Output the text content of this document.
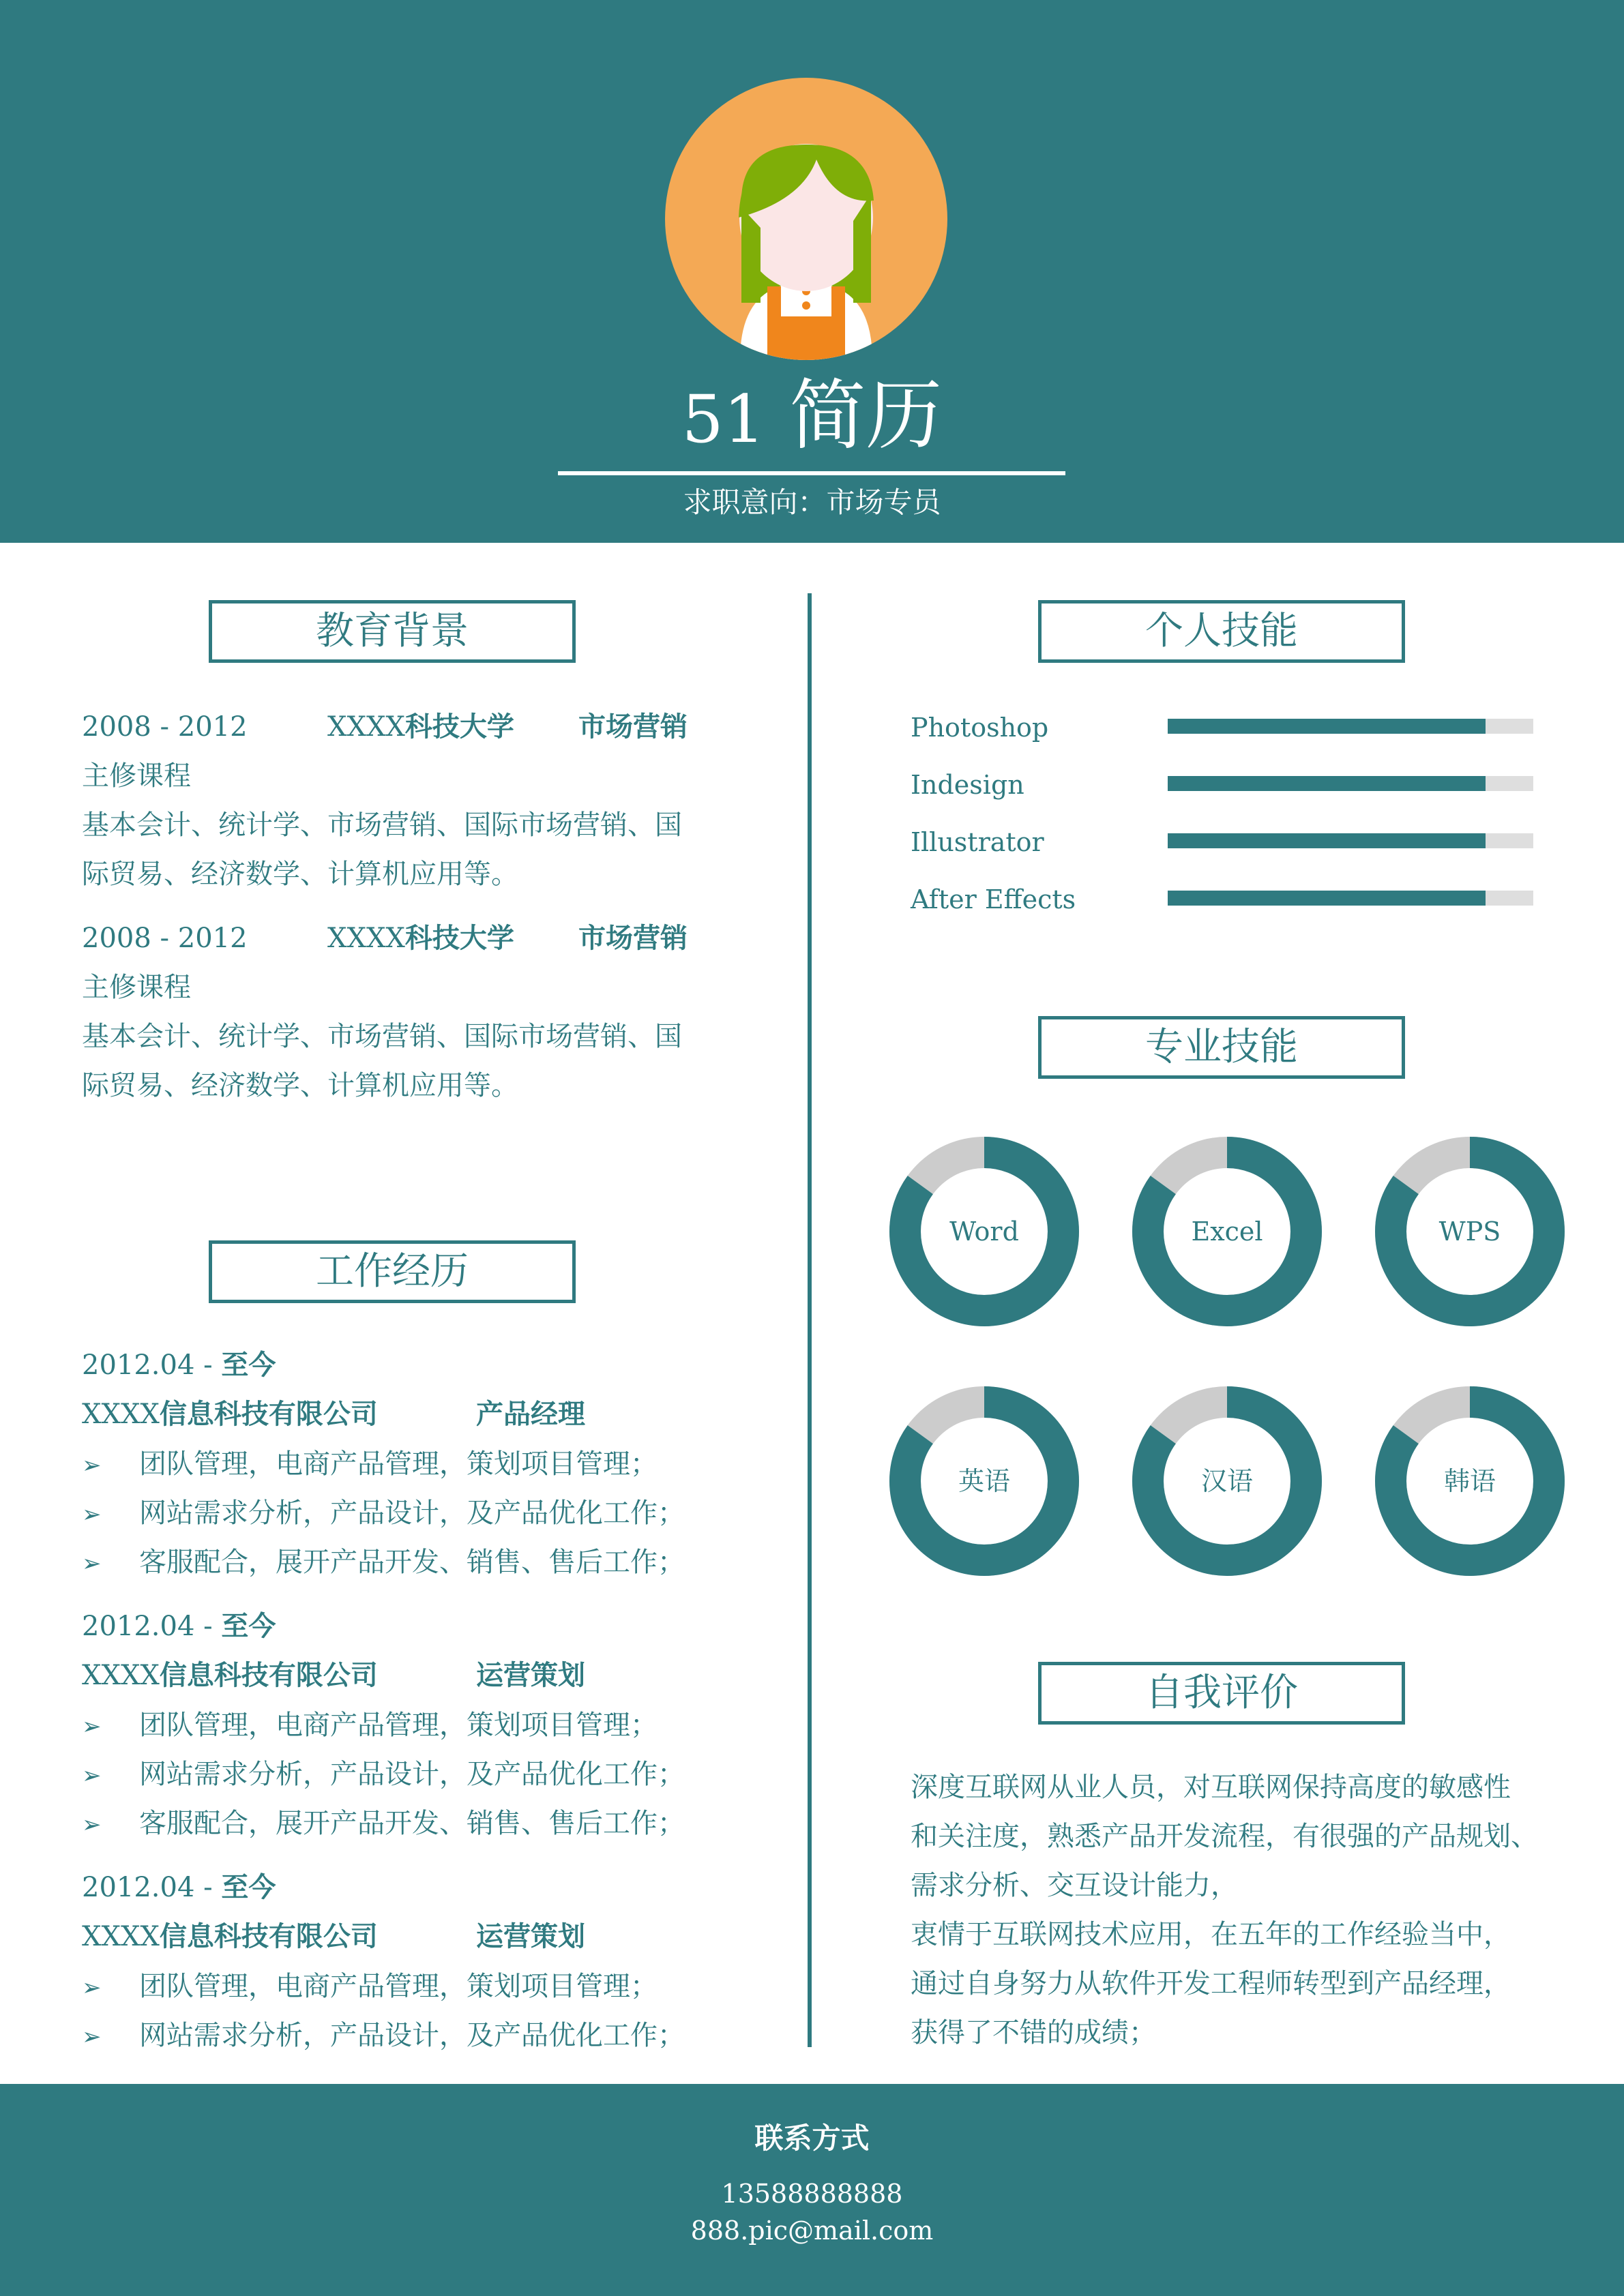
51 简历
求职意向：市场专员
教育背景
2008 - 2012	XXXX科技大学 市场营销
主修课程
基本会计、统计学、市场营销、国际市场营销、国
际贸易、经济数学、计算机应用等。
2008 - 2012	XXXX科技大学 市场营销
主修课程
基本会计、统计学、市场营销、国际市场营销、国
际贸易、经济数学、计算机应用等。
工作经历
2012.04 - 至今
XXXX信息科技有限公司	产品经理
➢ 团队管理，电商产品管理，策划项目管理；
➢ 网站需求分析，产品设计，及产品优化工作；
➢ 客服配合，展开产品开发、销售、售后工作；
2012.04 - 至今
XXXX信息科技有限公司	运营策划
➢ 团队管理，电商产品管理，策划项目管理；
➢ 网站需求分析，产品设计，及产品优化工作；
➢ 客服配合，展开产品开发、销售、售后工作；
2012.04 - 至今
XXXX信息科技有限公司	运营策划
➢ 团队管理，电商产品管理，策划项目管理；
➢ 网站需求分析，产品设计，及产品优化工作；
个人技能
Photoshop
Indesign
Illustrator
After Effects
专业技能
Word	Excel	WPS
英语	汉语	韩语
自我评价
深度互联网从业人员，对互联网保持高度的敏感性
和关注度，熟悉产品开发流程，有很强的产品规划、
需求分析、交互设计能力，
衷情于互联网技术应用，在五年的工作经验当中，
通过自身努力从软件开发工程师转型到产品经理，
获得了不错的成绩；
联系方式
13588888888
888.pic@mail.com
